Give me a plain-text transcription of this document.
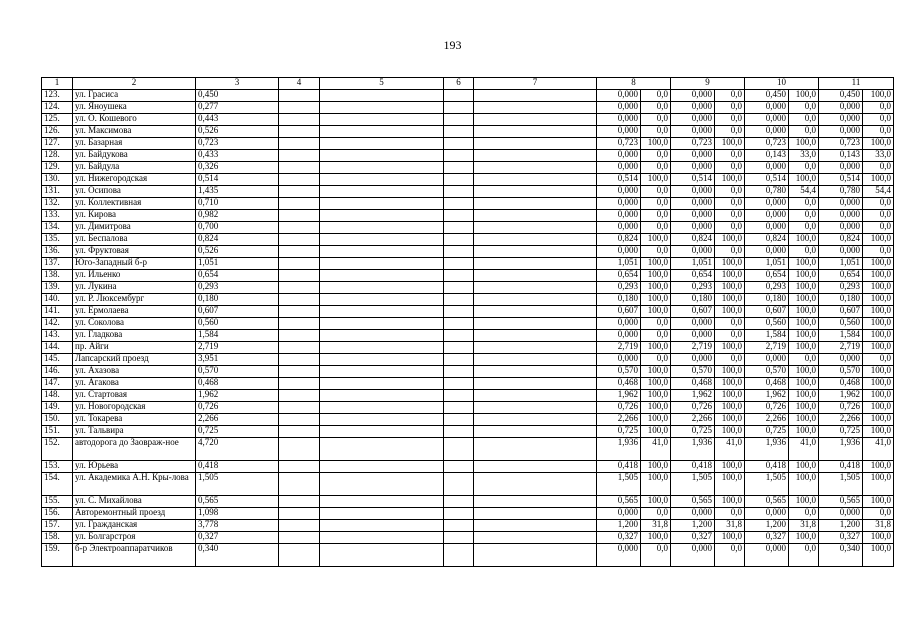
193
1	2	3	4	5	6	7	8		9		10		11	
123.	ул. Грасиса	0,450					0,000	0,0	0,000	0,0	0,450	100,0	0,450	100,0
124.	ул. Яноушека	0,277					0,000	0,0	0,000	0,0	0,000	0,0	0,000	0,0
125.	ул. О. Кошевого	0,443					0,000	0,0	0,000	0,0	0,000	0,0	0,000	0,0
126.	ул. Максимова	0,526					0,000	0,0	0,000	0,0	0,000	0,0	0,000	0,0
127.	ул. Базарная	0,723					0,723	100,0	0,723	100,0	0,723	100,0	0,723	100,0
128.	ул. Байдукова	0,433					0,000	0,0	0,000	0,0	0,143	33,0	0,143	33,0
129.	ул. Байдула	0,326					0,000	0,0	0,000	0,0	0,000	0,0	0,000	0,0
130.	ул. Нижегородская	0,514					0,514	100,0	0,514	100,0	0,514	100,0	0,514	100,0
131.	ул. Осипова	1,435					0,000	0,0	0,000	0,0	0,780	54,4	0,780	54,4
132.	ул. Коллективная	0,710					0,000	0,0	0,000	0,0	0,000	0,0	0,000	0,0
133.	ул. Кирова	0,982					0,000	0,0	0,000	0,0	0,000	0,0	0,000	0,0
134.	ул. Димитрова	0,700					0,000	0,0	0,000	0,0	0,000	0,0	0,000	0,0
135.	ул. Беспалова	0,824					0,824	100,0	0,824	100,0	0,824	100,0	0,824	100,0
136.	ул. Фруктовая	0,526					0,000	0,0	0,000	0,0	0,000	0,0	0,000	0,0
137.	Юго-Западный б-р	1,051					1,051	100,0	1,051	100,0	1,051	100,0	1,051	100,0
138.	ул. Ильенко	0,654					0,654	100,0	0,654	100,0	0,654	100,0	0,654	100,0
139.	ул. Лукина	0,293					0,293	100,0	0,293	100,0	0,293	100,0	0,293	100,0
140.	ул. Р. Люксембург	0,180					0,180	100,0	0,180	100,0	0,180	100,0	0,180	100,0
141.	ул. Ермолаева	0,607					0,607	100,0	0,607	100,0	0,607	100,0	0,607	100,0
142.	ул. Соколова	0,560					0,000	0,0	0,000	0,0	0,560	100,0	0,560	100,0
143.	ул. Гладкова	1,584					0,000	0,0	0,000	0,0	1,584	100,0	1,584	100,0
144.	пр. Айги	2,719					2,719	100,0	2,719	100,0	2,719	100,0	2,719	100,0
145.	Лапсарский проезд	3,951					0,000	0,0	0,000	0,0	0,000	0,0	0,000	0,0
146.	ул. Ахазова	0,570					0,570	100,0	0,570	100,0	0,570	100,0	0,570	100,0
147.	ул. Агакова	0,468					0,468	100,0	0,468	100,0	0,468	100,0	0,468	100,0
148.	ул. Стартовая	1,962					1,962	100,0	1,962	100,0	1,962	100,0	1,962	100,0
149.	ул. Новогородская	0,726					0,726	100,0	0,726	100,0	0,726	100,0	0,726	100,0
150.	ул. Токарева	2,266					2,266	100,0	2,266	100,0	2,266	100,0	2,266	100,0
151.	ул. Тальвира	0,725					0,725	100,0	0,725	100,0	0,725	100,0	0,725	100,0
152.	автодорога до Заовраж-ное	4,720					1,936	41,0	1,936	41,0	1,936	41,0	1,936	41,0
153.	ул. Юрьева	0,418					0,418	100,0	0,418	100,0	0,418	100,0	0,418	100,0
154.	ул. Академика А.Н. Кры-лова	1,505					1,505	100,0	1,505	100,0	1,505	100,0	1,505	100,0
155.	ул. С. Михайлова	0,565					0,565	100,0	0,565	100,0	0,565	100,0	0,565	100,0
156.	Авторемонтный проезд	1,098					0,000	0,0	0,000	0,0	0,000	0,0	0,000	0,0
157.	ул. Гражданская	3,778					1,200	31,8	1,200	31,8	1,200	31,8	1,200	31,8
158.	ул. Болгарстроя	0,327					0,327	100,0	0,327	100,0	0,327	100,0	0,327	100,0
159.	б-р Электроаппаратчиков	0,340					0,000	0,0	0,000	0,0	0,000	0,0	0,340	100,0
